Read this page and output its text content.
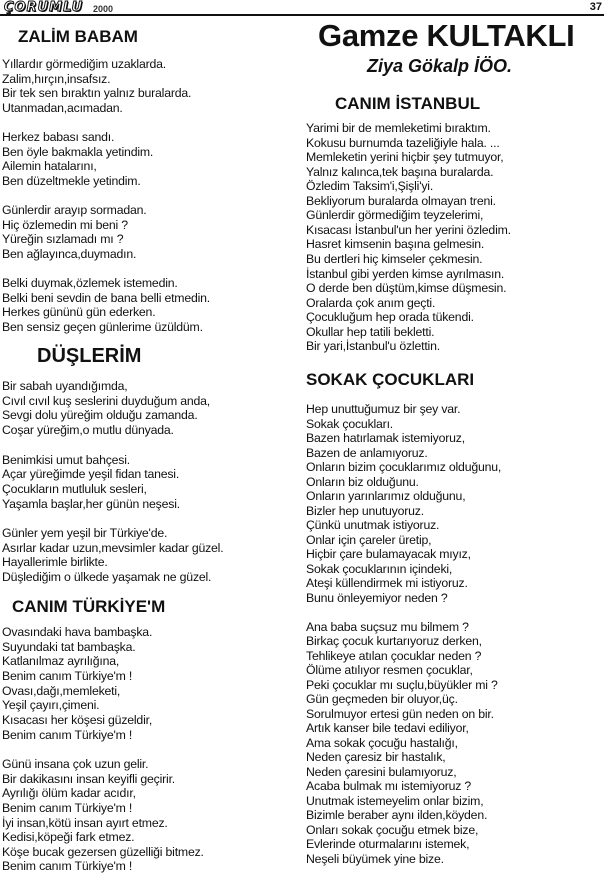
ÇORUMLU 2000	37
Gamze KULTAKLI
Ziya Gökalp İÖO.
ZALİM BABAM
Yıllardır görmediğim uzaklarda.
Zalim,hırçın,insafsız.
Bir tek sen bıraktın yalnız buralarda.
Utanmadan,acımadan.
Herkez babası sandı.
Ben öyle bakmakla yetindim.
Ailemin hatalarını,
Ben düzeltmekle yetindim.
Günlerdir arayıp sormadan.
Hiç özlemedin mi beni ?
Yüreğin sızlamadı mı ?
Ben ağlayınca,duymadın.
Belki duymak,özlemek istemedin.
Belki beni sevdin de bana belli etmedin.
Herkes gününü gün ederken.
Ben sensiz geçen günlerime üzüldüm.
DÜŞLERİM
Bir sabah uyandığımda,
Cıvıl cıvıl kuş seslerini duyduğum anda,
Sevgi dolu yüreğim olduğu zamanda.
Coşar yüreğim,o mutlu dünyada.
Benimkisi umut bahçesi.
Açar yüreğimde yeşil fidan tanesi.
Çocukların mutluluk sesleri,
Yaşamla başlar,her günün neşesi.
Günler yem yeşil bir Türkiye'de.
Asırlar kadar uzun,mevsimler kadar güzel.
Hayallerimle birlikte.
Düşlediğim o ülkede yaşamak ne güzel.
CANIM TÜRKİYE'M
Ovasındaki hava bambaşka.
Suyundaki tat bambaşka.
Katlanılmaz ayrılığına,
Benim canım Türkiye'm !
Ovası,dağı,memleketi,
Yeşil çayırı,çimeni.
Kısacası her köşesi güzeldir,
Benim canım Türkiye'm !
Günü insana çok uzun gelir.
Bir dakikasını insan keyifli geçirir.
Ayrılığı ölüm kadar acıdır,
Benim canım Türkiye'm !
İyi insan,kötü insan ayırt etmez.
Kedisi,köpeği fark etmez.
Köşe bucak gezersen güzelliği bitmez.
Benim canım Türkiye'm !
CANIM İSTANBUL
Yarimi bir de memleketimi bıraktım.
Kokusu burnumda tazeliğiyle hala. ...
Memleketin yerini hiçbir şey tutmuyor,
Yalnız kalınca,tek başına buralarda.
Özledim Taksim'i,Şişli'yi.
Bekliyorum buralarda olmayan treni.
Günlerdir görmediğim teyzelerimi,
Kısacası İstanbul'un her yerini özledim.
Hasret kimsenin başına gelmesin.
Bu dertleri hiç kimseler çekmesin.
İstanbul gibi yerden kimse ayrılmasın.
O derde ben düştüm,kimse düşmesin.
Oralarda çok anım geçti.
Çocukluğum hep orada tükendi.
Okullar hep tatili bekletti.
Bir yari,İstanbul'u özlettin.
SOKAK ÇOCUKLARI
Hep unuttuğumuz bir şey var.
Sokak çocukları.
Bazen hatırlamak istemiyoruz,
Bazen de anlamıyoruz.
Onların bizim çocuklarımız olduğunu,
Onların biz olduğunu.
Onların yarınlarımız olduğunu,
Bizler hep unutuyoruz.
Çünkü unutmak istiyoruz.
Onlar için çareler üretip,
Hiçbir çare bulamayacak mıyız,
Sokak çocuklarının içindeki,
Ateşi küllendirmek mi istiyoruz.
Bunu önleyemiyor neden ?
Ana baba suçsuz mu bilmem ?
Birkaç çocuk kurtarıyoruz derken,
Tehlikeye atılan çocuklar neden ?
Ölüme atılıyor resmen çocuklar,
Peki çocuklar mı suçlu,büyükler mi ?
Gün geçmeden bir oluyor,üç.
Sorulmuyor ertesi gün neden on bir.
Artık kanser bile tedavi ediliyor,
Ama sokak çocuğu hastalığı,
Neden çaresiz bir hastalık,
Neden çaresini bulamıyoruz,
Acaba bulmak mı istemiyoruz ?
Unutmak istemeyelim onlar bizim,
Bizimle beraber aynı ilden,köyden.
Onları sokak çocuğu etmek bize,
Evlerinde oturmalarını istemek,
Neşeli büyümek yine bize.
